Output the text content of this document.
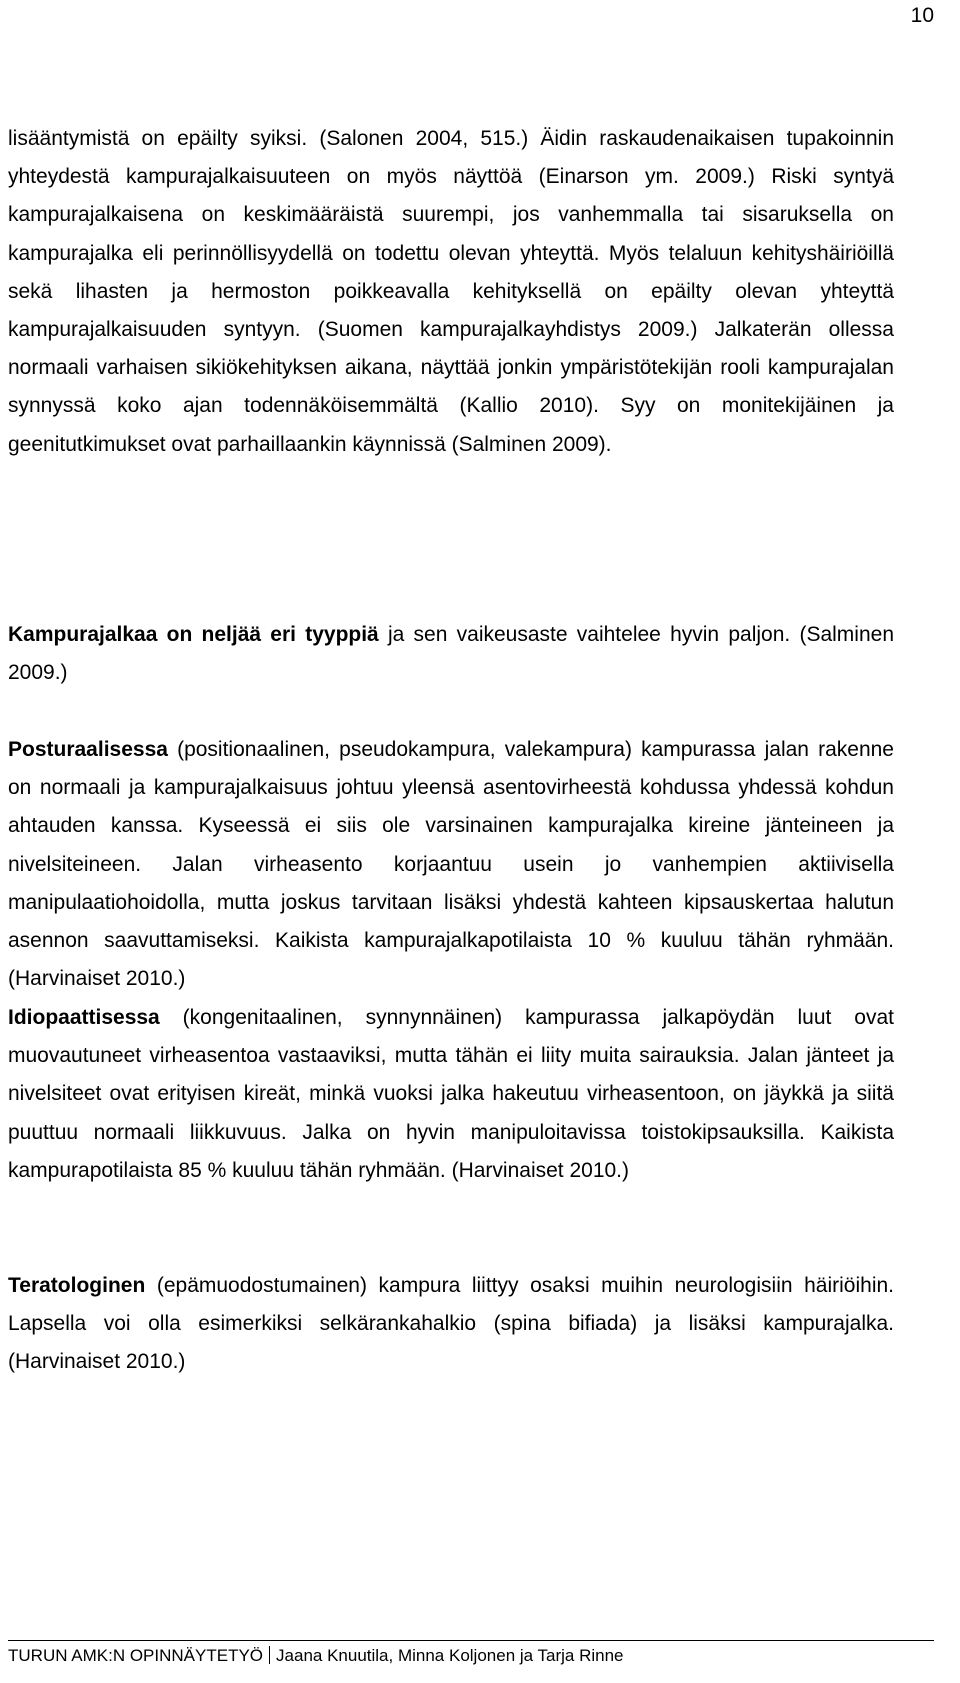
10

lisääntymistä on epäilty syiksi. (Salonen 2004, 515.) Äidin raskaudenaikaisen tupakoinnin yhteydestä kampurajalkaisuuteen on myös näyttöä (Einarson ym. 2009.) Riski syntyä kampurajalkaisena on keskimääräistä suurempi, jos vanhemmalla tai sisaruksella on kampurajalka eli perinnöllisyydellä on todettu olevan yhteyttä. Myös telaluun kehityshäiriöillä sekä lihasten ja hermoston poikkeavalla kehityksellä on epäilty olevan yhteyttä kampurajalkaisuuden syntyyn. (Suomen kampurajalkayhdistys 2009.) Jalkaterän ollessa normaali varhaisen sikiökehityksen aikana, näyttää jonkin ympäristötekijän rooli kampurajalan synnyssä koko ajan todennäköisemmältä (Kallio 2010). Syy on monitekijäinen ja geenitutkimukset ovat parhaillaankin käynnissä (Salminen 2009).

Kampurajalkaa on neljää eri tyyppiä ja sen vaikeusaste vaihtelee hyvin paljon. (Salminen 2009.)

Posturaalisessa (positionaalinen, pseudokampura, valekampura) kampurassa jalan rakenne on normaali ja kampurajalkaisuus johtuu yleensä asentovirheestä kohdussa yhdessä kohdun ahtauden kanssa. Kyseessä ei siis ole varsinainen kampurajalka kireine jänteineen ja nivelsiteineen. Jalan virheasento korjaantuu usein jo vanhempien aktiivisella manipulaatiohoidolla, mutta joskus tarvitaan lisäksi yhdestä kahteen kipsauskertaa halutun asennon saavuttamiseksi. Kaikista kampurajalkapotilaista 10 % kuuluu tähän ryhmään. (Harvinaiset 2010.)

Idiopaattisessa (kongenitaalinen, synnynnäinen) kampurassa jalkapöydän luut ovat muovautuneet virheasentoa vastaaviksi, mutta tähän ei liity muita sairauksia. Jalan jänteet ja nivelsiteet ovat erityisen kireät, minkä vuoksi jalka hakeutuu virheasentoon, on jäykkä ja siitä puuttuu normaali liikkuvuus. Jalka on hyvin manipuloitavissa toistokipsauksilla. Kaikista kampurapotilaista 85 % kuuluu tähän ryhmään. (Harvinaiset 2010.)

Teratologinen (epämuodostumainen) kampura liittyy osaksi muihin neurologisiin häiriöihin. Lapsella voi olla esimerkiksi selkärankahalkio (spina bifiada) ja lisäksi kampurajalka. (Harvinaiset 2010.)

TURUN AMK:N OPINNÄYTETYÖ Jaana Knuutila, Minna Koljonen ja Tarja Rinne
